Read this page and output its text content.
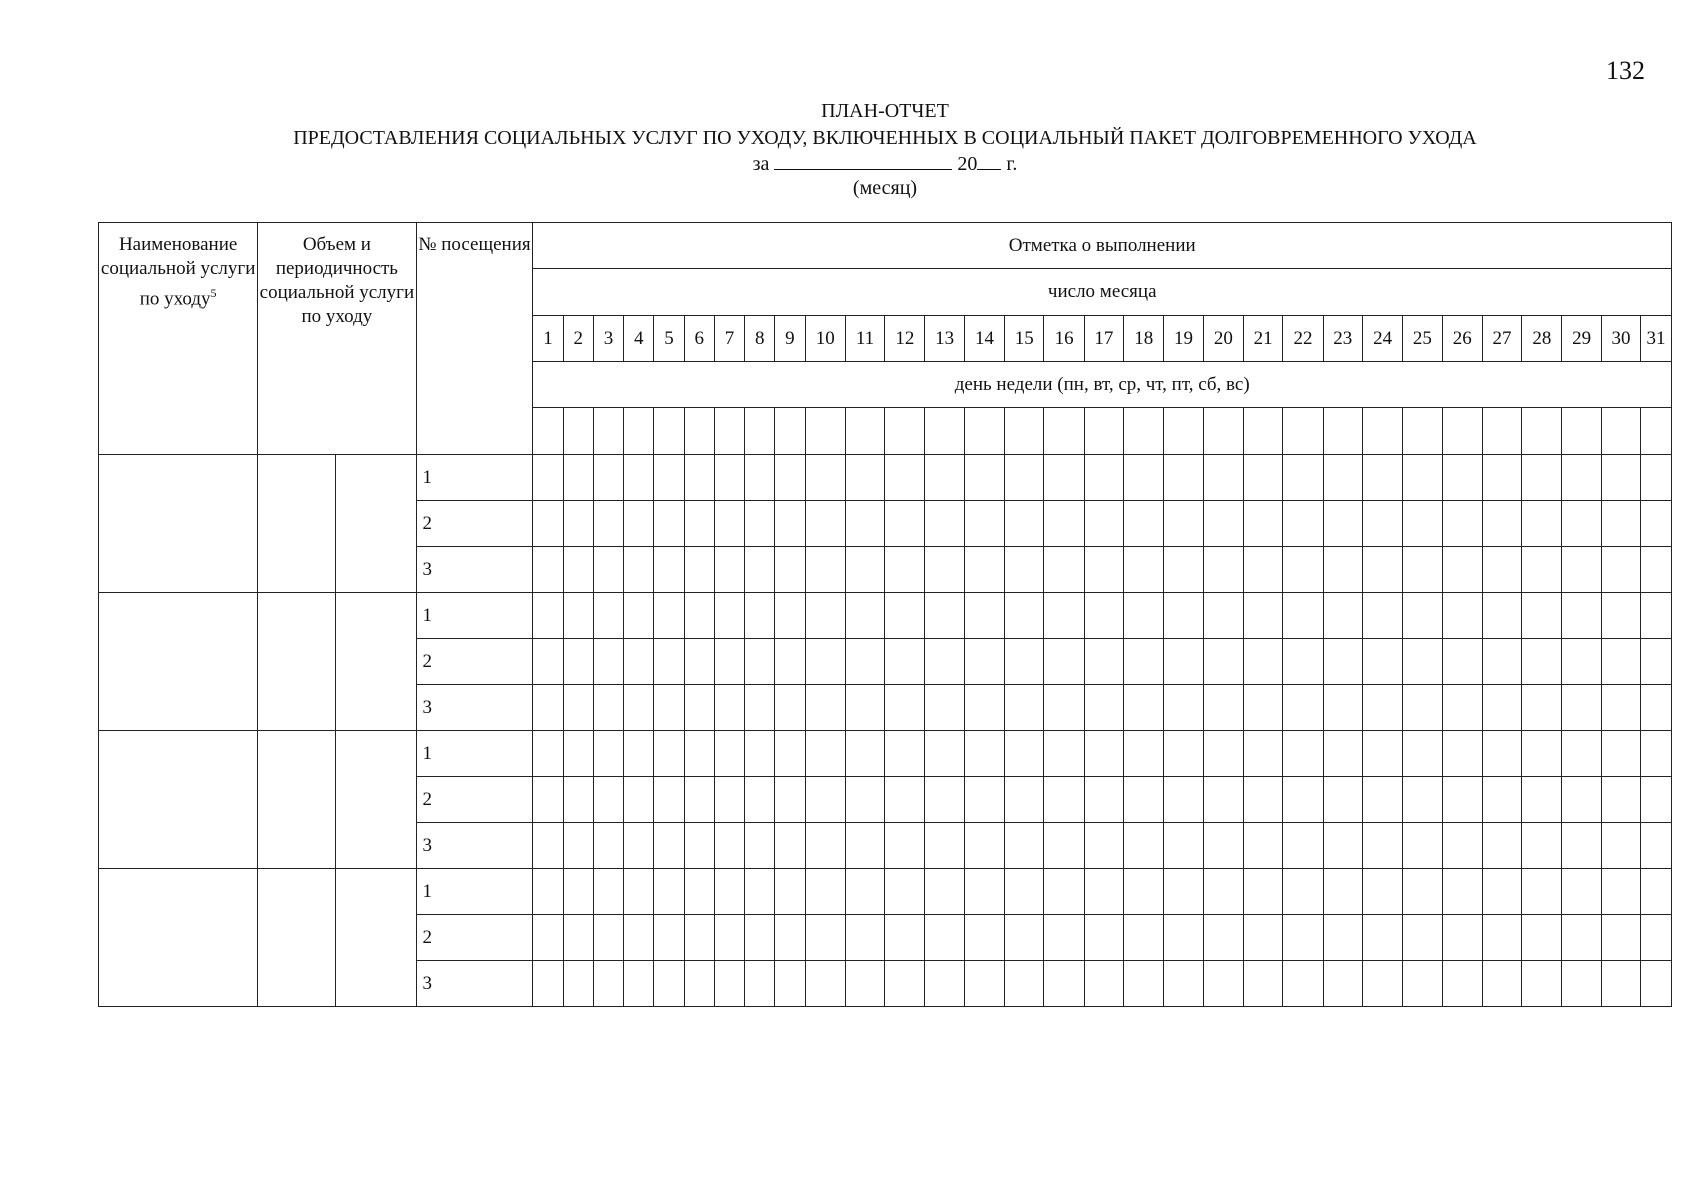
132
ПЛАН-ОТЧЕТ
ПРЕДОСТАВЛЕНИЯ СОЦИАЛЬНЫХ УСЛУГ ПО УХОДУ, ВКЛЮЧЕННЫХ В СОЦИАЛЬНЫЙ ПАКЕТ ДОЛГОВРЕМЕННОГО УХОДА
за	20 г.
(месяц)
Наименование социальной услуги по уходу$^5$	Объем и периодичность социальной услуги по уходу		№ посещения	Отметка о выполнении																														
				число месяца																														
				1	2	3	4	5	6	7	8	9	10	11	12	13	14	15	16	17	18	19	20	21	22	23	24	25	26	27	28	29	30	31
				день недели (пн, вт, ср, чт, пт, сб, вс)																														

			1																															
			2																															
			3																															
			1																															
			2																															
			3																															
			1																															
			2																															
			3																															
			1																															
			2																															
			3																															
